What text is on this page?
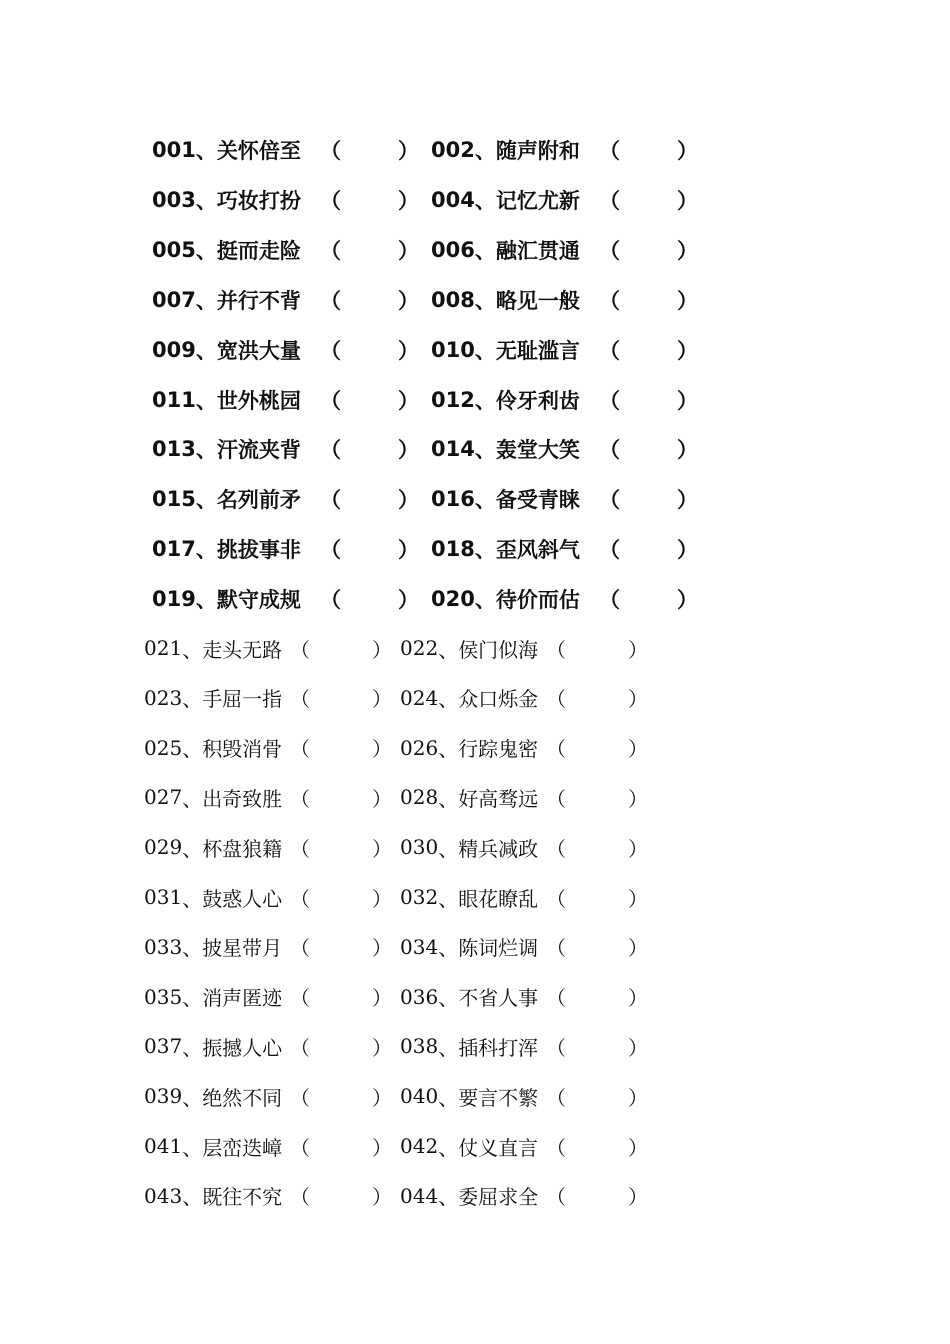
001 、 关怀倍至 （	） 002 、 随声附和 （	）
003 、 巧妆打扮 （	） 004 、 记忆尤新 （	）
005 、 挺而走险 （	） 006 、 融汇贯通 （	）
007 、 并行不背 （	） 008 、 略见一般 （	）
009 、 宽洪大量 （	） 010 、 无耻滥言 （	）
011 、 世外桃园 （	） 012 、 伶牙利齿 （	）
013 、 汗流夹背 （	） 014 、 轰堂大笑 （	）
015 、 名列前矛 （	） 016 、 备受青睐 （	）
017 、 挑拔事非 （	） 018 、 歪风斜气 （	）
019 、 默守成规 （	） 020 、 待价而估 （	）
021 、 走头无路 （	） 022 、 侯门似海 （	）
023 、 手屈一指 （	） 024 、 众口烁金 （	）
025 、 积毁消骨 （	） 026 、 行踪鬼密 （	）
027 、 出奇致胜 （	） 028 、 好高骛远 （	）
029 、 杯盘狼籍 （	） 030 、 精兵减政 （	）
031 、 鼓惑人心 （	） 032 、 眼花瞭乱 （	）
033 、 披星带月 （	） 034 、 陈词烂调 （	）
035 、 消声匿迹 （	） 036 、 不省人事 （	）
037 、 振撼人心 （	） 038 、 插科打浑 （	）
039 、 绝然不同 （	） 040 、 要言不繁 （	）
041 、 层峦迭嶂 （	） 042 、 仗义直言 （	）
043 、 既往不究 （	） 044 、 委屈求全 （	）
